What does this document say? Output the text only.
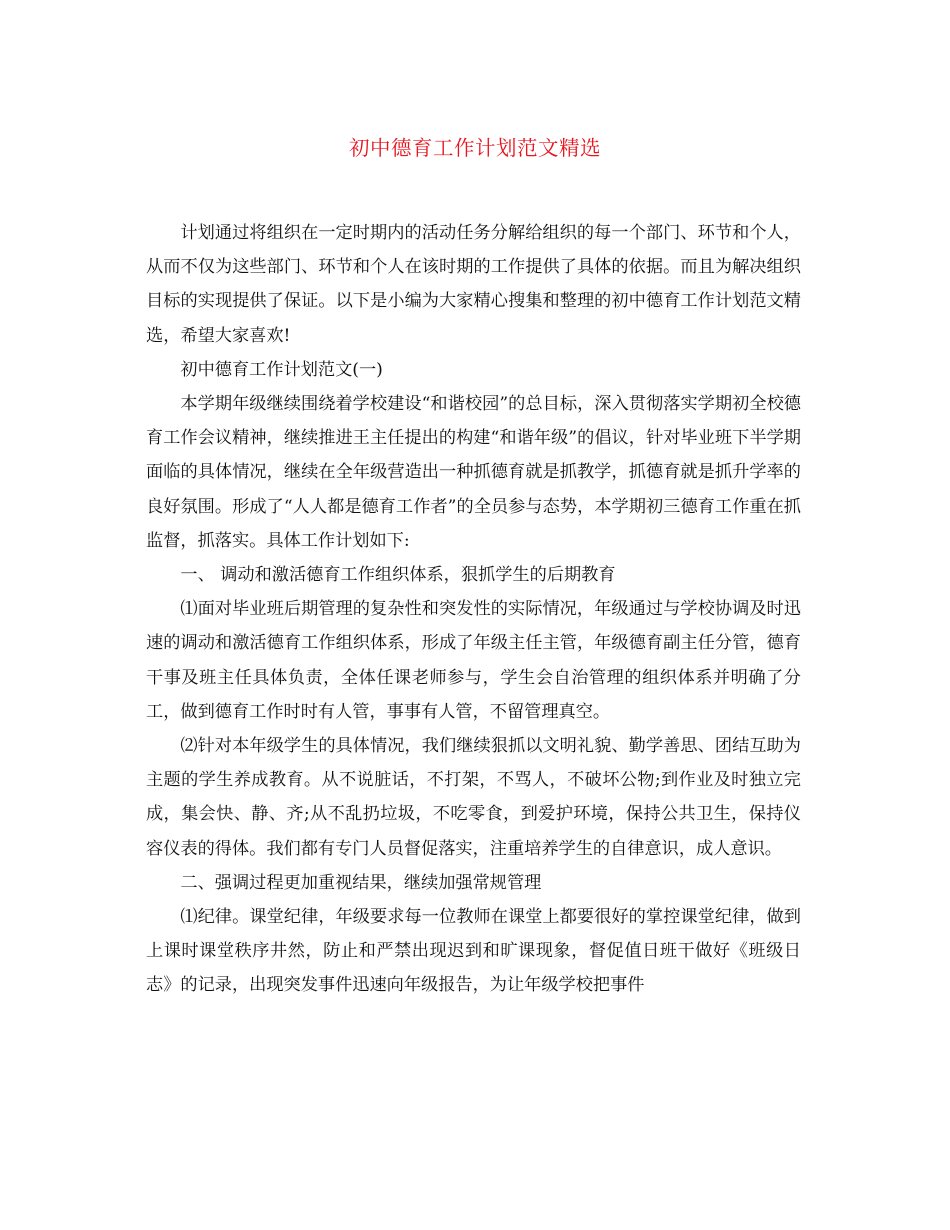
初中德育工作计划范文精选

计划通过将组织在一定时期内的活动任务分解给组织的每一个部门、环节和个人，从而不仅为这些部门、环节和个人在该时期的工作提供了具体的依据。而且为解决组织目标的实现提供了保证。以下是小编为大家精心搜集和整理的初中德育工作计划范文精选，希望大家喜欢!

初中德育工作计划范文(一)

本学期年级继续围绕着学校建设“和谐校园”的总目标，深入贯彻落实学期初全校德育工作会议精神，继续推进王主任提出的构建“和谐年级”的倡议，针对毕业班下半学期面临的具体情况，继续在全年级营造出一种抓德育就是抓教学，抓德育就是抓升学率的良好氛围。形成了“人人都是德育工作者”的全员参与态势，本学期初三德育工作重在抓监督，抓落实。具体工作计划如下:

一、 调动和激活德育工作组织体系，狠抓学生的后期教育

⑴面对毕业班后期管理的复杂性和突发性的实际情况，年级通过与学校协调及时迅速的调动和激活德育工作组织体系，形成了年级主任主管，年级德育副主任分管，德育干事及班主任具体负责，全体任课老师参与，学生会自治管理的组织体系并明确了分工，做到德育工作时时有人管，事事有人管，不留管理真空。

⑵针对本年级学生的具体情况，我们继续狠抓以文明礼貌、勤学善思、团结互助为主题的学生养成教育。从不说脏话，不打架，不骂人，不破坏公物;到作业及时独立完成，集会快、静、齐;从不乱扔垃圾，不吃零食，到爱护环境，保持公共卫生，保持仪容仪表的得体。我们都有专门人员督促落实，注重培养学生的自律意识，成人意识。

二、强调过程更加重视结果，继续加强常规管理

⑴纪律。课堂纪律，年级要求每一位教师在课堂上都要很好的掌控课堂纪律，做到上课时课堂秩序井然，防止和严禁出现迟到和旷课现象，督促值日班干做好《班级日志》的记录，出现突发事件迅速向年级报告，为让年级学校把事件
